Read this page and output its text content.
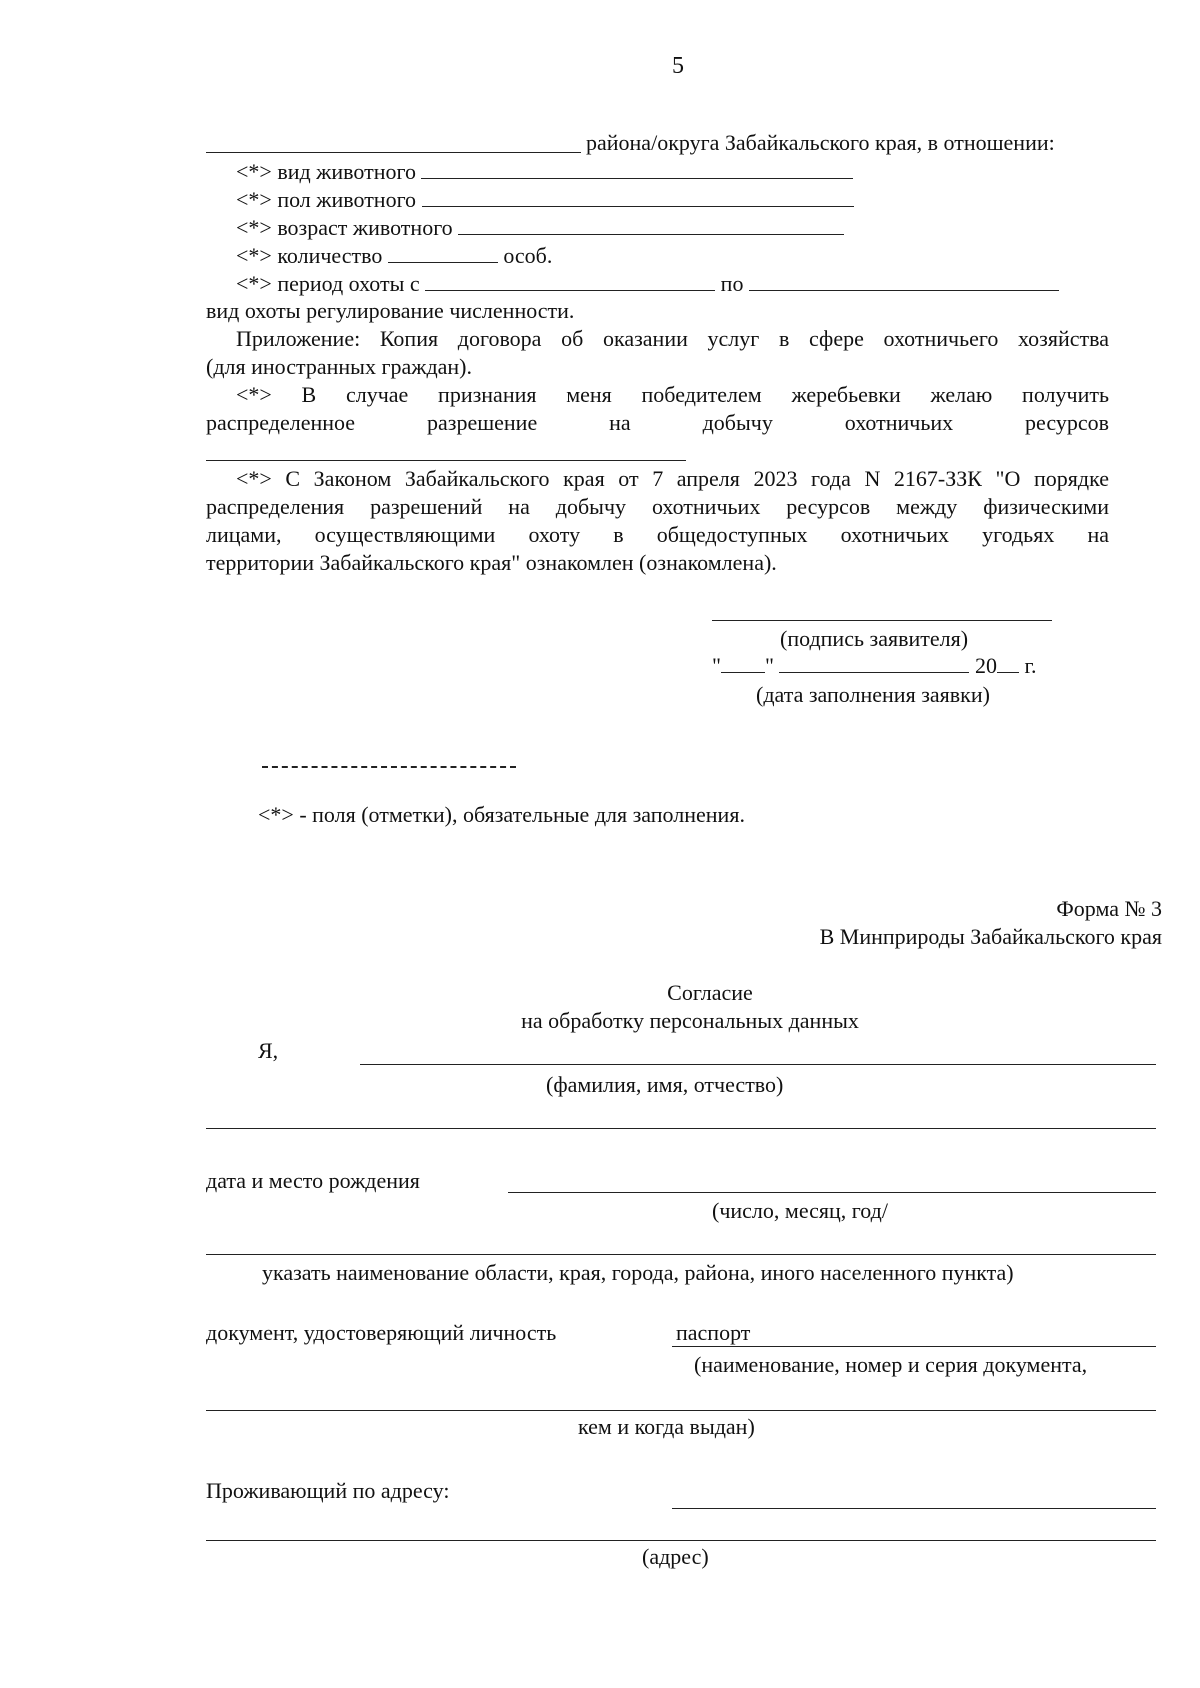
5
района/округа Забайкальского края, в отношении:
<*> вид животного
<*> пол животного
<*> возраст животного
<*> количество	особ.
<*> период охоты с	по
вид охоты регулирование численности.
Приложение: Копия договора об оказании услуг в сфере охотничьего хозяйства
(для иностранных граждан).
<*> В случае признания меня победителем жеребьевки желаю получить
распределенное разрешение на добычу охотничьих ресурсов
<*> С Законом Забайкальского края от 7 апреля 2023 года N 2167-ЗЗК "О порядке
распределения разрешений на добычу охотничьих ресурсов между физическими
лицами, осуществляющими охоту в общедоступных охотничьих угодьях на
территории Забайкальского края" ознакомлен (ознакомлена).
(подпись заявителя)
" "	20 г.
(дата заполнения заявки)
<*> - поля (отметки), обязательные для заполнения.
Форма № 3
В Минприроды Забайкальского края
Согласие
на обработку персональных данных
Я,
(фамилия, имя, отчество)
дата и место рождения
(число, месяц, год/
указать наименование области, края, города, района, иного населенного пункта)
документ, удостоверяющий личность	паспорт
(наименование, номер и серия документа,
кем и когда выдан)
Проживающий по адресу:
(адрес)
